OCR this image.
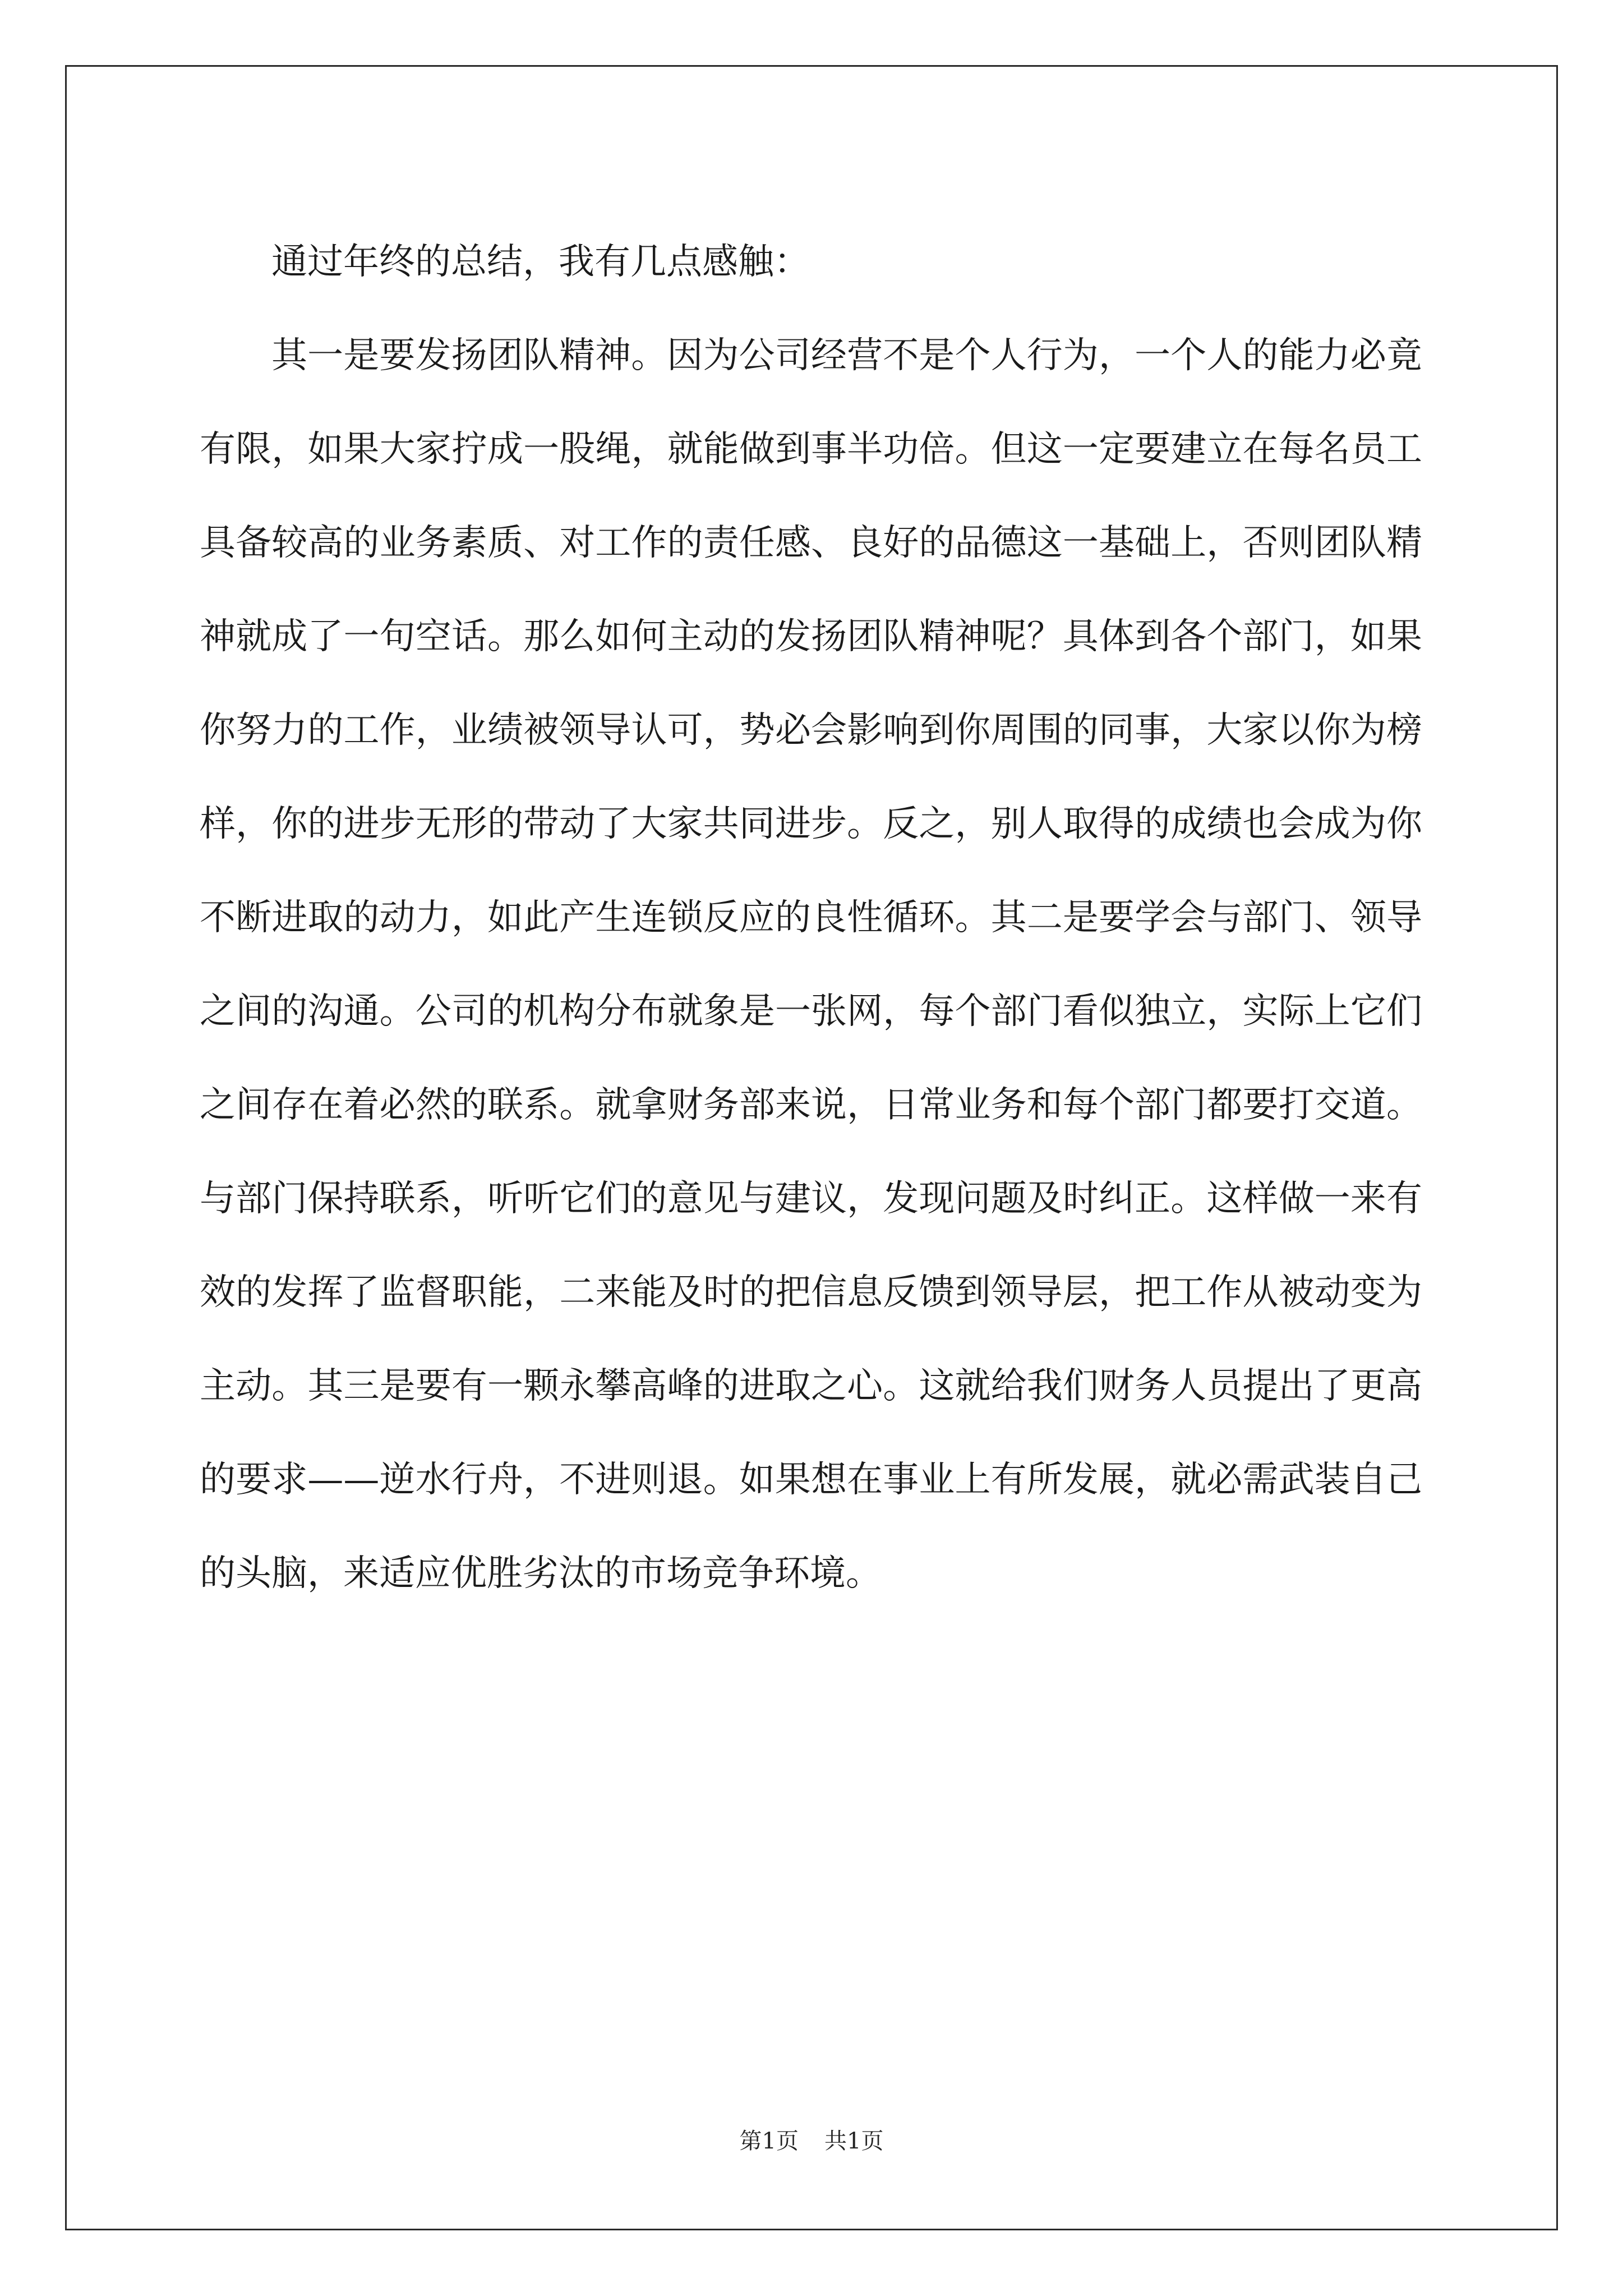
通过年终的总结，我有几点感触：

其一是要发扬团队精神。因为公司经营不是个人行为，一个人的能力必竟有限，如果大家拧成一股绳，就能做到事半功倍。但这一定要建立在每名员工具备较高的业务素质、对工作的责任感、良好的品德这一基础上，否则团队精神就成了一句空话。那么如何主动的发扬团队精神呢？具体到各个部门，如果你努力的工作，业绩被领导认可，势必会影响到你周围的同事，大家以你为榜样，你的进步无形的带动了大家共同进步。反之，别人取得的成绩也会成为你不断进取的动力，如此产生连锁反应的良性循环。其二是要学会与部门、领导之间的沟通。公司的机构分布就象是一张网，每个部门看似独立，实际上它们之间存在着必然的联系。就拿财务部来说，日常业务和每个部门都要打交道。与部门保持联系，听听它们的意见与建议，发现问题及时纠正。这样做一来有效的发挥了监督职能，二来能及时的把信息反馈到领导层，把工作从被动变为主动。其三是要有一颗永攀高峰的进取之心。这就给我们财务人员提出了更高的要求——逆水行舟，不进则退。如果想在事业上有所发展，就必需武装自己的头脑，来适应优胜劣汰的市场竞争环境。

第1页 共1页
